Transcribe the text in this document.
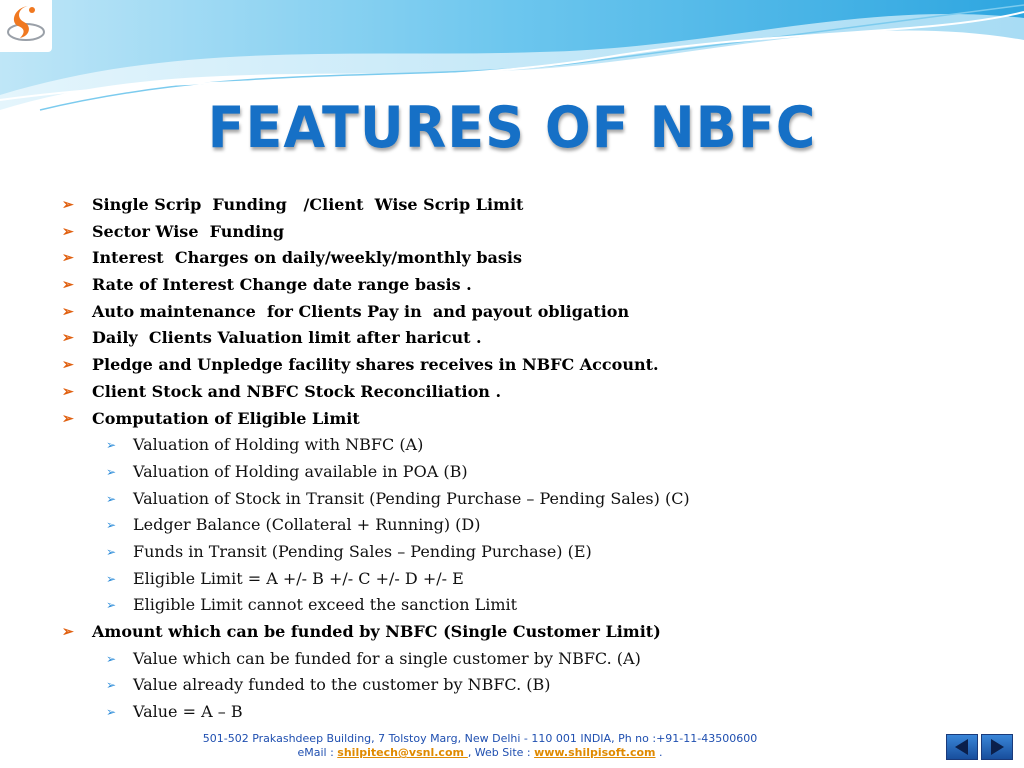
FEATURES OF NBFC
➢ Single Scrip  Funding   /Client  Wise Scrip Limit
➢ Sector Wise  Funding
➢ Interest  Charges on daily/weekly/monthly basis
➢ Rate of Interest Change date range basis .
➢ Auto maintenance  for Clients Pay in  and payout obligation
➢ Daily  Clients Valuation limit after haricut .
➢ Pledge and Unpledge facility shares receives in NBFC Account.
➢ Client Stock and NBFC Stock Reconciliation .
➢ Computation of Eligible Limit
➢ Valuation of Holding with NBFC (A)
➢ Valuation of Holding available in POA (B)
➢ Valuation of Stock in Transit (Pending Purchase – Pending Sales) (C)
➢ Ledger Balance (Collateral + Running) (D)
➢ Funds in Transit (Pending Sales – Pending Purchase) (E)
➢ Eligible Limit = A +/- B +/- C +/- D +/- E
➢ Eligible Limit cannot exceed the sanction Limit
➢ Amount which can be funded by NBFC (Single Customer Limit)
➢ Value which can be funded for a single customer by NBFC. (A)
➢ Value already funded to the customer by NBFC. (B)
➢ Value = A – B
501-502 Prakashdeep Building, 7 Tolstoy Marg, New Delhi - 110 001 INDIA, Ph no :+91-11-43500600
eMail : shilpitech@vsnl.com , Web Site : www.shilpisoft.com .
